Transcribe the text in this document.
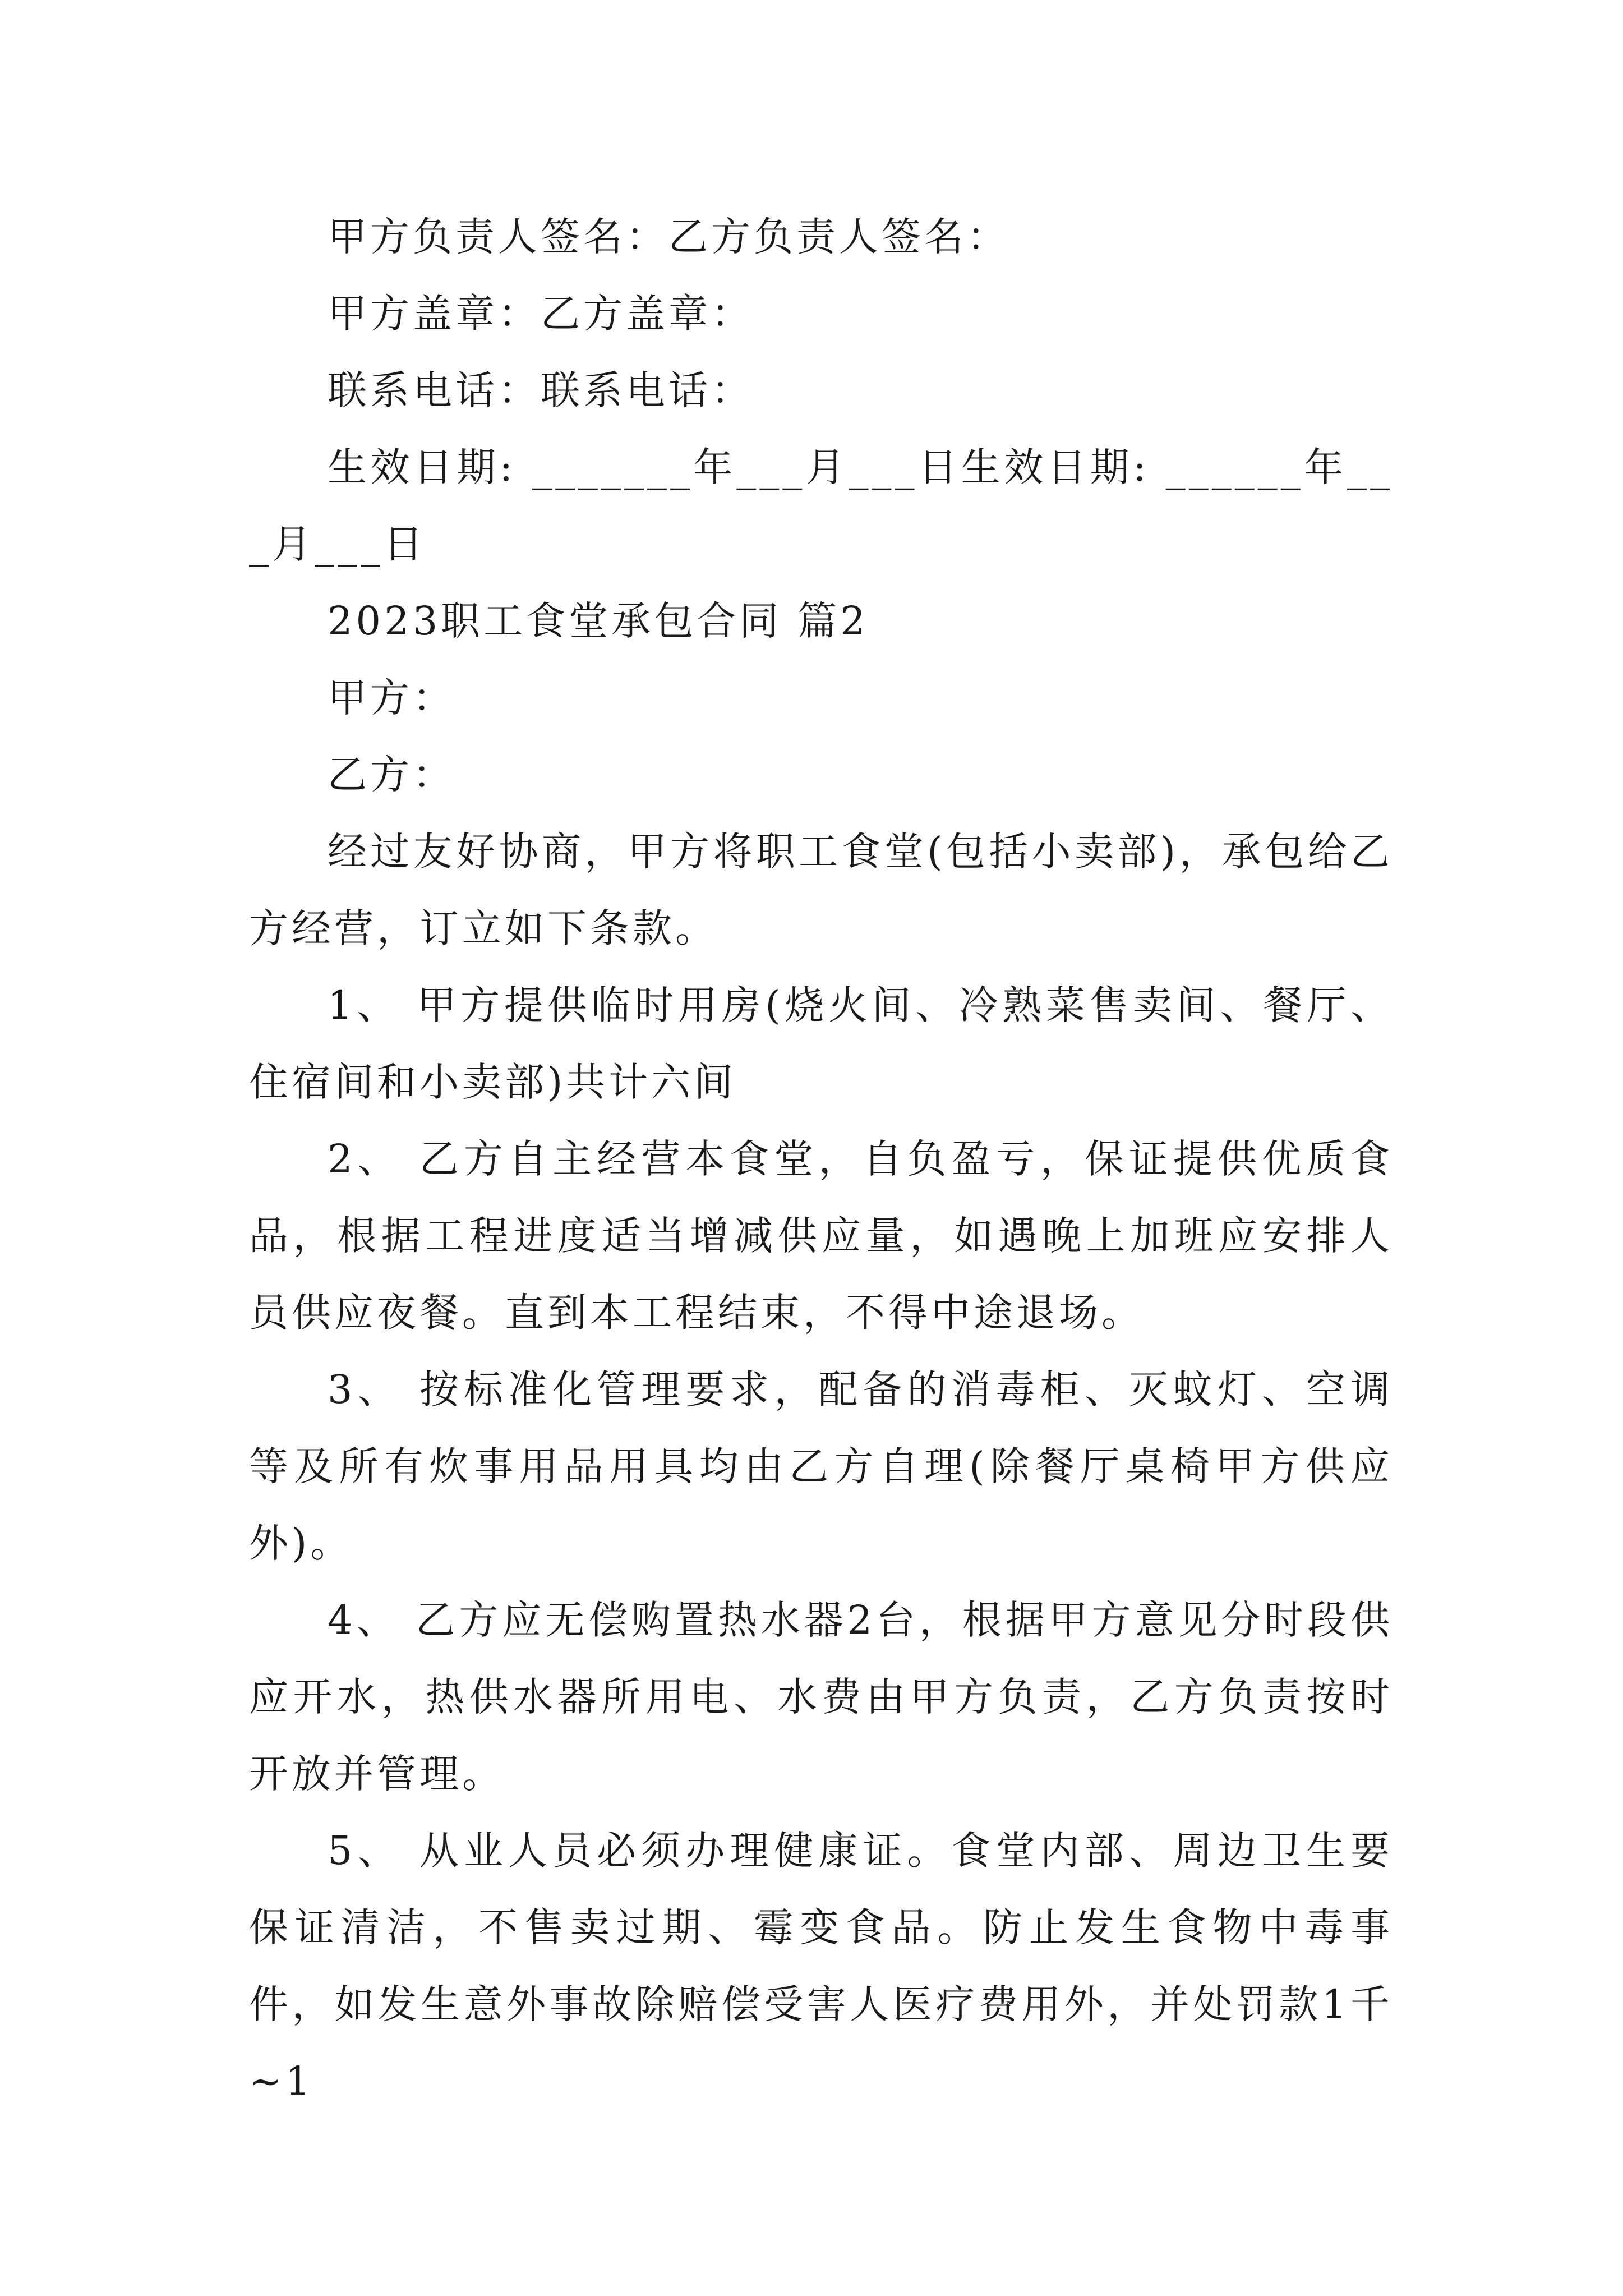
甲方负责人签名：乙方负责人签名：

甲方盖章：乙方盖章：

联系电话：联系电话：

生效日期: _______年___月___日生效日期: ______年___月___日

2023职工食堂承包合同 篇2

甲方：

乙方：

经过友好协商，甲方将职工食堂(包括小卖部)，承包给乙方经营，订立如下条款。

1、 甲方提供临时用房(烧火间、冷熟菜售卖间、餐厅、住宿间和小卖部)共计六间

2、 乙方自主经营本食堂，自负盈亏，保证提供优质食品，根据工程进度适当增减供应量，如遇晚上加班应安排人员供应夜餐。直到本工程结束，不得中途退场。

3、 按标准化管理要求，配备的消毒柜、灭蚊灯、空调等及所有炊事用品用具均由乙方自理(除餐厅桌椅甲方供应外)。

4、 乙方应无偿购置热水器2台，根据甲方意见分时段供应开水，热供水器所用电、水费由甲方负责，乙方负责按时开放并管理。

5、 从业人员必须办理健康证。食堂内部、周边卫生要保证清洁，不售卖过期、霉变食品。防止发生食物中毒事件，如发生意外事故除赔偿受害人医疗费用外，并处罚款1千~1
